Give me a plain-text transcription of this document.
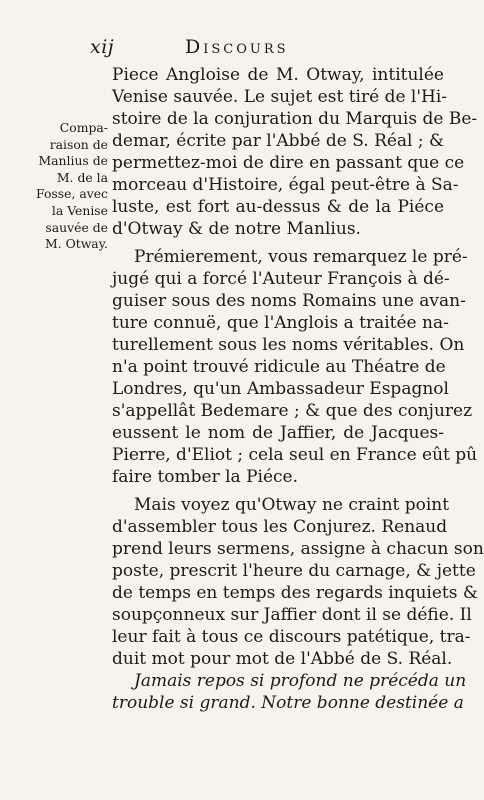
xij	Discours
Compa-
raison de
Manlius de
M. de la
Fosse, avec
la Venise
sauvée de
M. Otway.
Piece Angloise de M. Otway, intitulée
Venise sauvée. Le sujet est tiré de l'Hi-
stoire de la conjuration du Marquis de Be-
demar, écrite par l'Abbé de S. Réal ; &
permettez-moi de dire en passant que ce
morceau d'Histoire, égal peut-être à Sa-
luste, est fort au-dessus & de la Piéce
d'Otway & de notre Manlius.
Prémierement, vous remarquez le pré-
jugé qui a forcé l'Auteur François à dé-
guiser sous des noms Romains une avan-
ture connuë, que l'Anglois a traitée na-
turellement sous les noms véritables. On
n'a point trouvé ridicule au Théatre de
Londres, qu'un Ambassadeur Espagnol
s'appellât Bedemare ; & que des conjurez
eussent le nom de Jaffier, de Jacques-
Pierre, d'Eliot ; cela seul en France eût pû
faire tomber la Piéce.
Mais voyez qu'Otway ne craint point
d'assembler tous les Conjurez. Renaud
prend leurs sermens, assigne à chacun son
poste, prescrit l'heure du carnage, & jette
de temps en temps des regards inquiets &
soupçonneux sur Jaffier dont il se défie. Il
leur fait à tous ce discours patétique, tra-
duit mot pour mot de l'Abbé de S. Réal.
Jamais repos si profond ne précéda un
trouble si grand. Notre bonne destinée a
